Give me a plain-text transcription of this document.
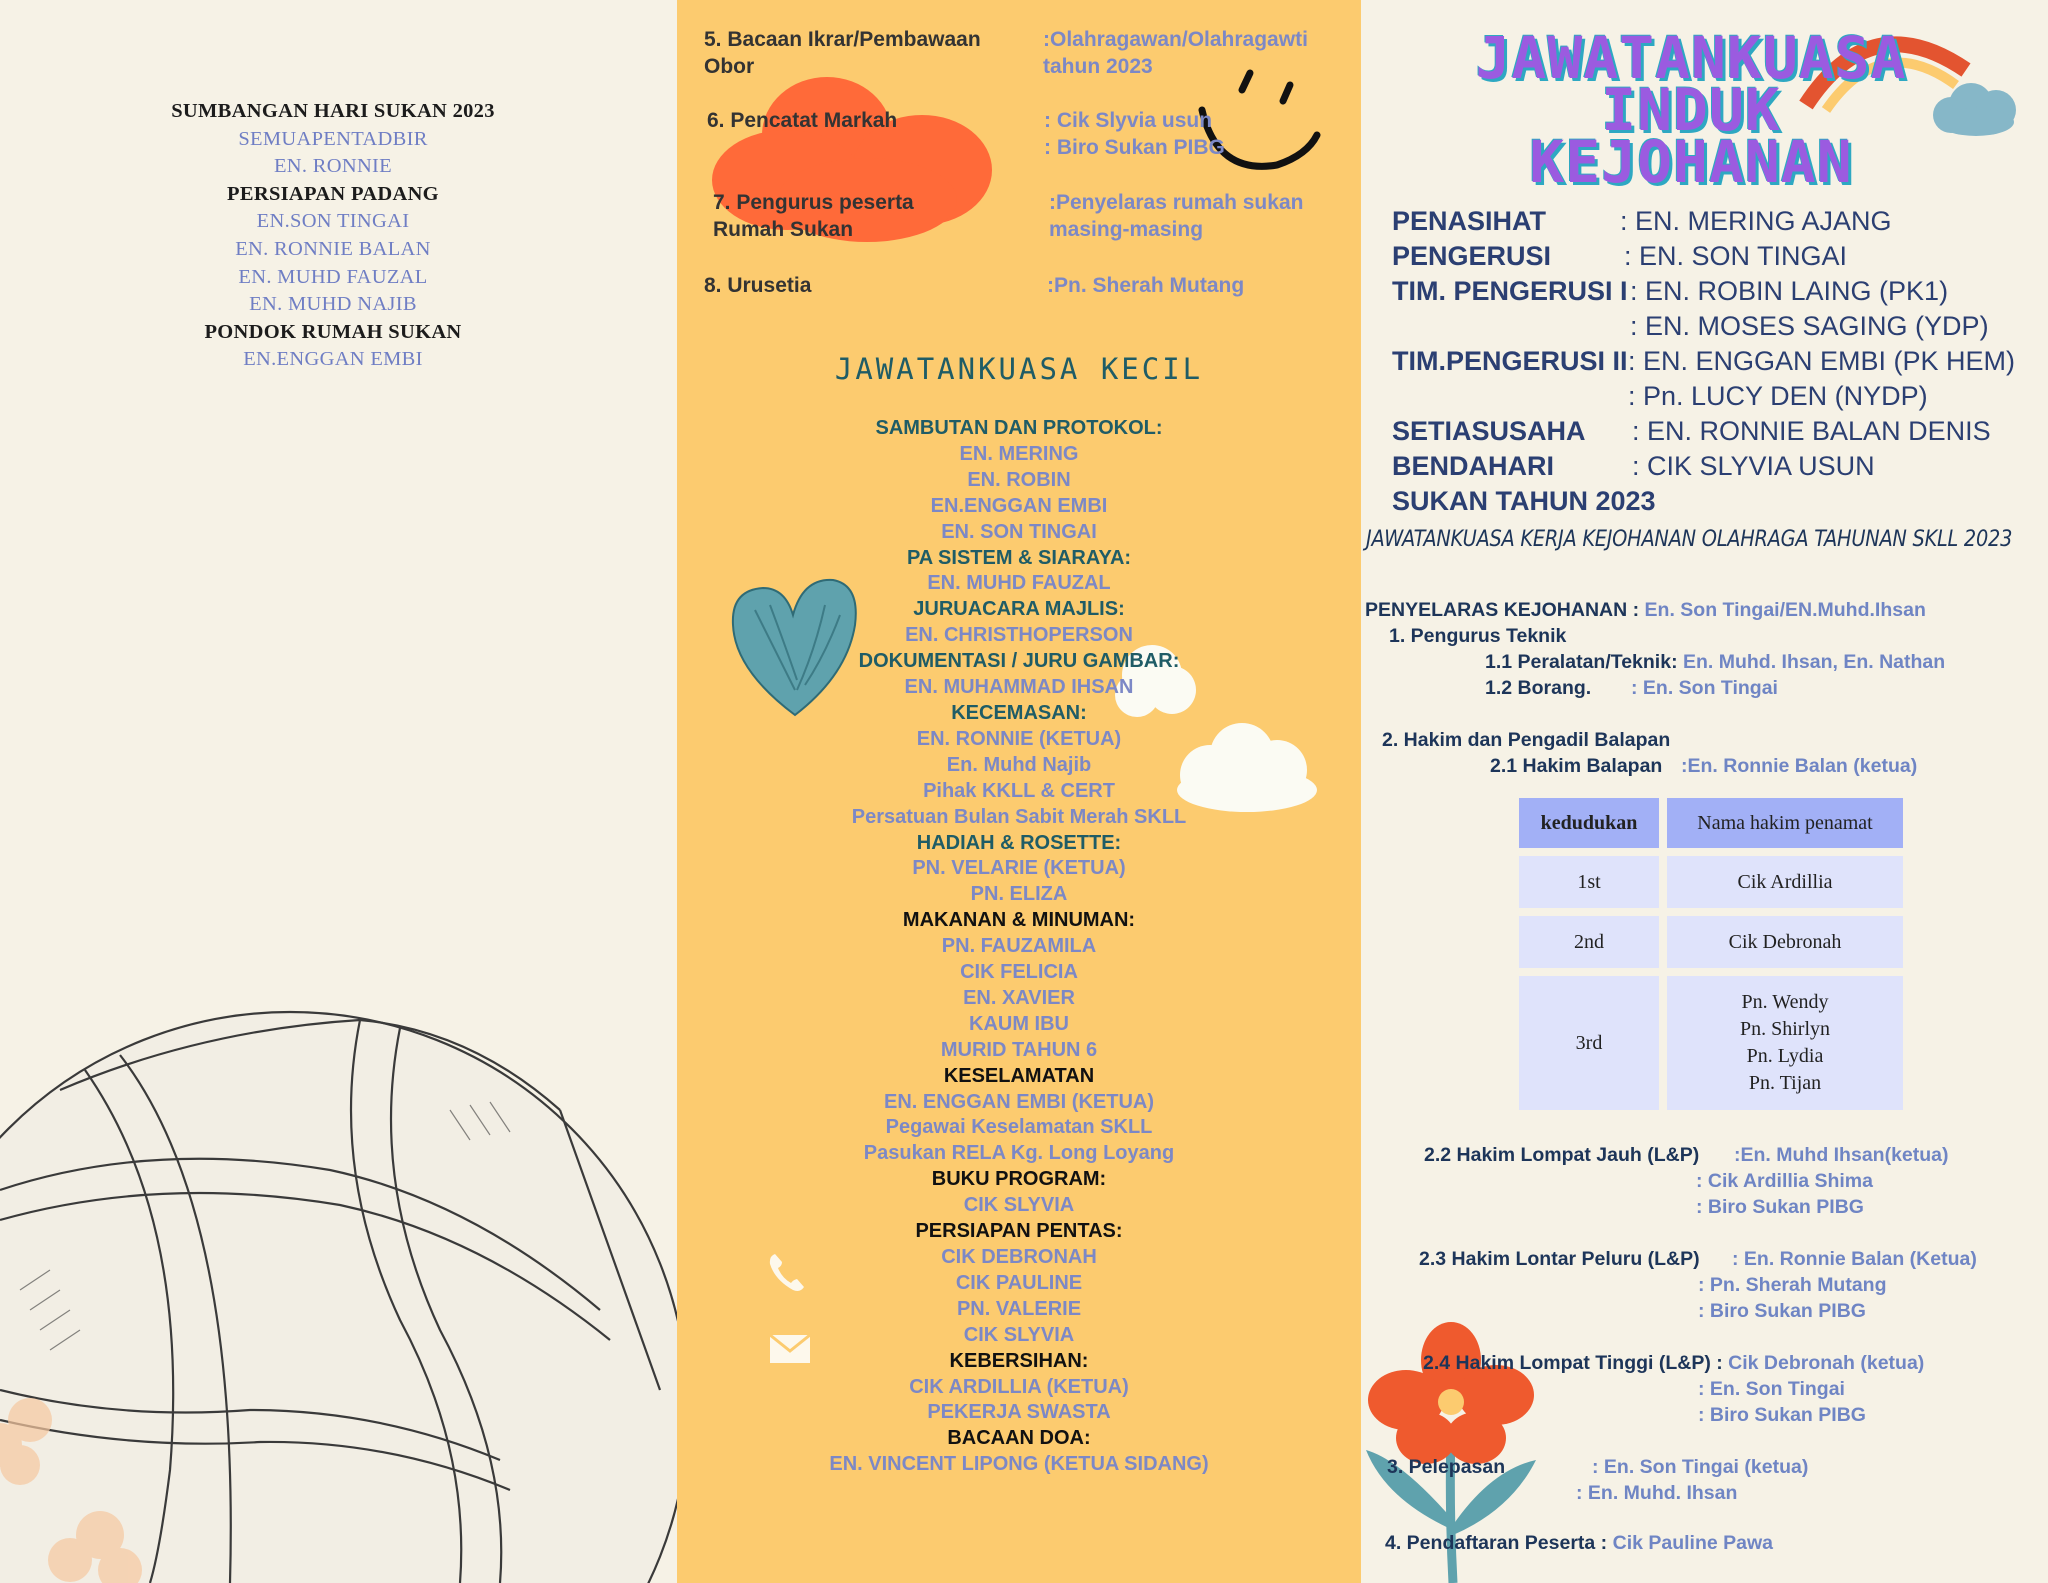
SUMBANGAN HARI SUKAN 2023
SEMUAPENTADBIR
EN. RONNIE
PERSIAPAN PADANG
EN.SON TINGAI
EN. RONNIE BALAN
EN. MUHD FAUZAL
EN. MUHD NAJIB
PONDOK RUMAH SUKAN
EN.ENGGAN EMBI
5. Bacaan Ikrar/Pembawaan
Obor
:Olahragawan/Olahragawti
tahun 2023
6. Pencatat Markah	: Cik Slyvia usun
: Biro Sukan PIBG
7. Pengurus peserta
Rumah Sukan
:Penyelaras rumah sukan
masing-masing
8. Urusetia	:Pn. Sherah Mutang
JAWATANKUASA KECIL
SAMBUTAN DAN PROTOKOL:
EN. MERING
EN. ROBIN
EN.ENGGAN EMBI
EN. SON TINGAI
PA SISTEM & SIARAYA:
EN. MUHD FAUZAL
JURUACARA MAJLIS:
EN. CHRISTHOPERSON
DOKUMENTASI / JURU GAMBAR:
EN. MUHAMMAD IHSAN
KECEMASAN:
EN. RONNIE (KETUA)
En. Muhd Najib
Pihak KKLL & CERT
Persatuan Bulan Sabit Merah SKLL
HADIAH & ROSETTE:
PN. VELARIE (KETUA)
PN. ELIZA
MAKANAN & MINUMAN:
PN. FAUZAMILA
CIK FELICIA
EN. XAVIER
KAUM IBU
MURID TAHUN 6
KESELAMATAN
EN. ENGGAN EMBI (KETUA)
Pegawai Keselamatan SKLL
Pasukan RELA Kg. Long Loyang
BUKU PROGRAM:
CIK SLYVIA
PERSIAPAN PENTAS:
CIK DEBRONAH
CIK PAULINE
PN. VALERIE
CIK SLYVIA
KEBERSIHAN:
CIK ARDILLIA (KETUA)
PEKERJA SWASTA
BACAAN DOA:
EN. VINCENT LIPONG (KETUA SIDANG)
JAWATANKUASA
INDUK
KEJOHANAN
PENASIHAT	: EN. MERING AJANG
PENGERUSI	: EN. SON TINGAI
TIM. PENGERUSI I : EN. ROBIN LAING (PK1)
: EN. MOSES SAGING (YDP)
TIM.PENGERUSI II : EN. ENGGAN EMBI (PK HEM)
: Pn. LUCY DEN (NYDP)
SETIASUSAHA : EN. RONNIE BALAN DENIS
BENDAHARI	: CIK SLYVIA USUN
SUKAN TAHUN 2023
JAWATANKUASA KERJA KEJOHANAN OLAHRAGA TAHUNAN SKLL 2023
PENYELARAS KEJOHANAN : En. Son Tingai/EN.Muhd.Ihsan
1. Pengurus Teknik
1.1 Peralatan/Teknik: En. Muhd. Ihsan, En. Nathan
1.2 Borang. : En. Son Tingai
2. Hakim dan Pengadil Balapan
2.1 Hakim Balapan :En. Ronnie Balan (ketua)
kedudukan	Nama hakim penamat
1st	Cik Ardillia
2nd	Cik Debronah
3rd	Pn. Wendy
Pn. Shirlyn
Pn. Lydia
Pn. Tijan
2.2 Hakim Lompat Jauh (L&P) :En. Muhd Ihsan(ketua)
: Cik Ardillia Shima
: Biro Sukan PIBG
2.3 Hakim Lontar Peluru (L&P) : En. Ronnie Balan (Ketua)
: Pn. Sherah Mutang
: Biro Sukan PIBG
2.4 Hakim Lompat Tinggi (L&P) : Cik Debronah (ketua)
: En. Son Tingai
: Biro Sukan PIBG
3. Pelepasan	: En. Son Tingai (ketua)
: En. Muhd. Ihsan
4. Pendaftaran Peserta : Cik Pauline Pawa
